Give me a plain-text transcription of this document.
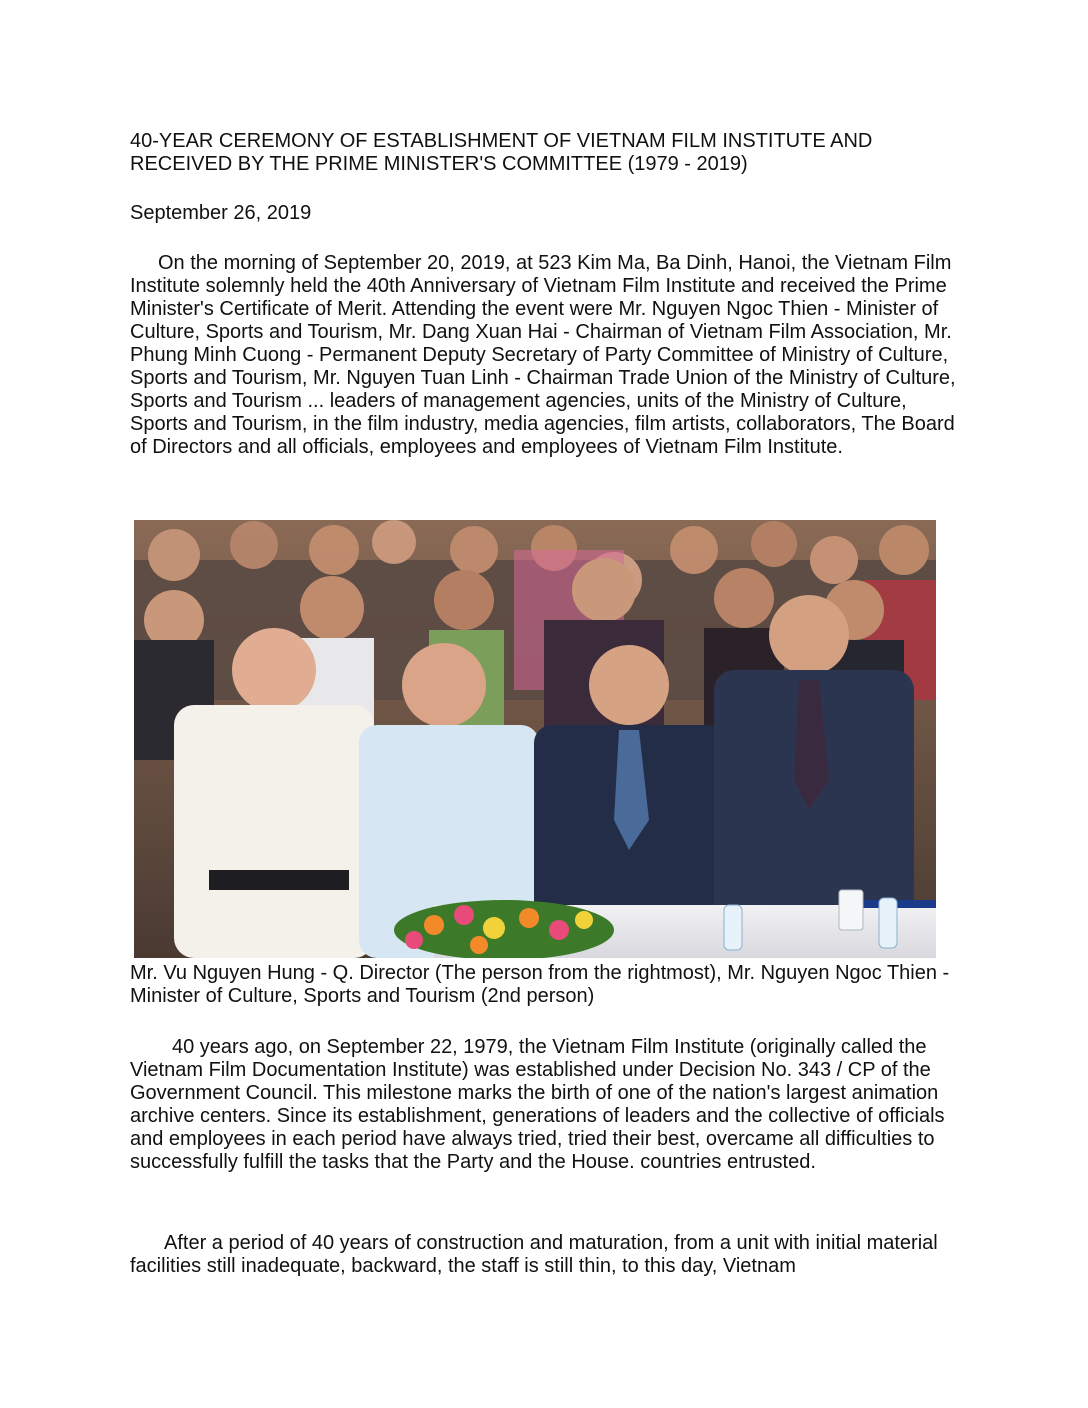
40-YEAR CEREMONY OF ESTABLISHMENT OF VIETNAM FILM INSTITUTE AND RECEIVED BY THE PRIME MINISTER'S COMMITTEE (1979 - 2019)

September 26, 2019

On the morning of September 20, 2019, at 523 Kim Ma, Ba Dinh, Hanoi, the Vietnam Film Institute solemnly held the 40th Anniversary of Vietnam Film Institute and received the Prime Minister's Certificate of Merit. Attending the event were Mr. Nguyen Ngoc Thien - Minister of Culture, Sports and Tourism, Mr. Dang Xuan Hai - Chairman of Vietnam Film Association, Mr. Phung Minh Cuong - Permanent Deputy Secretary of Party Committee of Ministry of Culture, Sports and Tourism, Mr. Nguyen Tuan Linh - Chairman Trade Union of the Ministry of Culture, Sports and Tourism ... leaders of management agencies, units of the Ministry of Culture, Sports and Tourism, in the film industry, media agencies, film artists, collaborators, The Board of Directors and all officials, employees and employees of Vietnam Film Institute.

Mr. Vu Nguyen Hung - Q. Director (The person from the rightmost), Mr. Nguyen Ngoc Thien - Minister of Culture, Sports and Tourism (2nd person)

40 years ago, on September 22, 1979, the Vietnam Film Institute (originally called the Vietnam Film Documentation Institute) was established under Decision No. 343 / CP of the Government Council. This milestone marks the birth of one of the nation's largest animation archive centers. Since its establishment, generations of leaders and the collective of officials and employees in each period have always tried, tried their best, overcame all difficulties to successfully fulfill the tasks that the Party and the House. countries entrusted.

After a period of 40 years of construction and maturation, from a unit with initial material facilities still inadequate, backward, the staff is still thin, to this day, Vietnam
